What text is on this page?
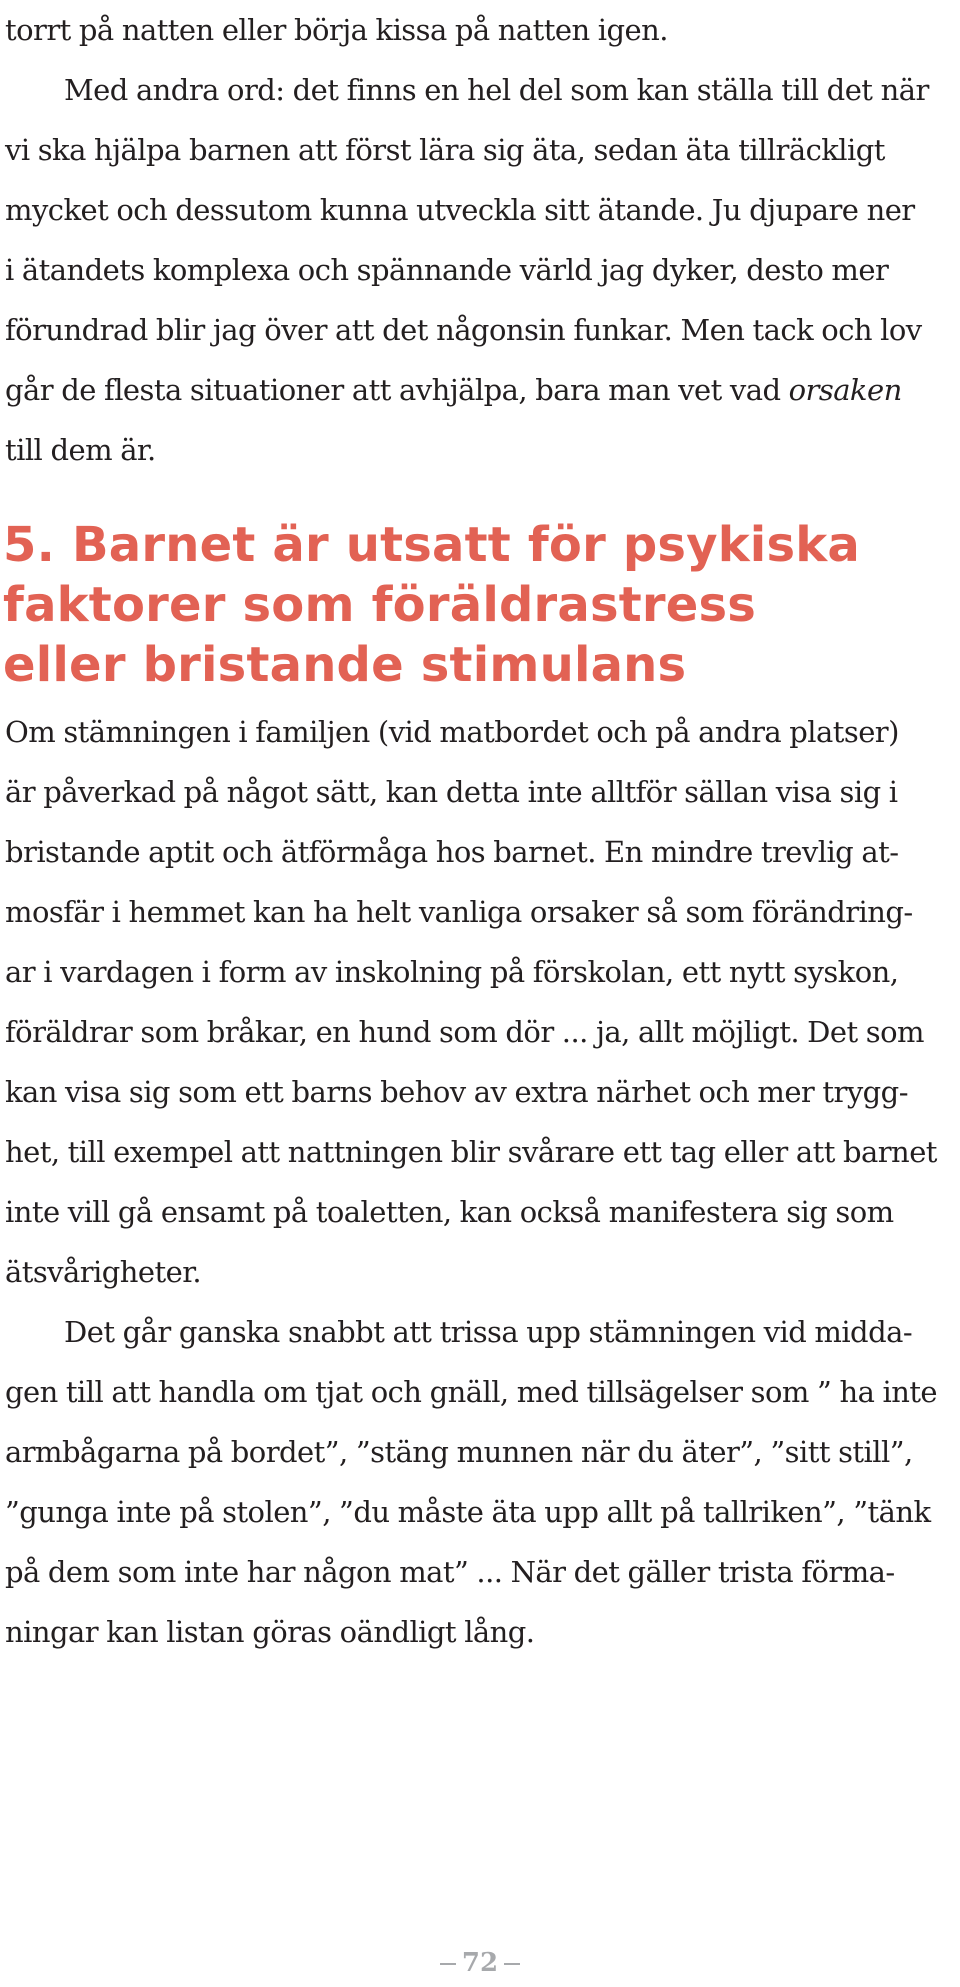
torrt på natten eller börja kissa på natten igen.
Med andra ord: det finns en hel del som kan ställa till det när
vi ska hjälpa barnen att först lära sig äta, sedan äta tillräckligt
mycket och dessutom kunna utveckla sitt ätande. Ju djupare ner
i ätandets komplexa och spännande värld jag dyker, desto mer
förundrad blir jag över att det någonsin funkar. Men tack och lov
går de flesta situationer att avhjälpa, bara man vet vad orsaken
till dem är.
5. Barnet är utsatt för psykiska
faktorer som föräldrastress
eller bristande stimulans
Om stämningen i familjen (vid matbordet och på andra platser)
är påverkad på något sätt, kan detta inte alltför sällan visa sig i
bristande aptit och ätförmåga hos barnet. En mindre trevlig at-
mosfär i hemmet kan ha helt vanliga orsaker så som förändring-
ar i vardagen i form av inskolning på förskolan, ett nytt syskon,
föräldrar som bråkar, en hund som dör ... ja, allt möjligt. Det som
kan visa sig som ett barns behov av extra närhet och mer trygg-
het, till exempel att nattningen blir svårare ett tag eller att barnet
inte vill gå ensamt på toaletten, kan också manifestera sig som
ätsvårigheter.
Det går ganska snabbt att trissa upp stämningen vid midda-
gen till att handla om tjat och gnäll, med tillsägelser som ” ha inte
armbågarna på bordet”, ”stäng munnen när du äter”, ”sitt still”,
”gunga inte på stolen”, ”du måste äta upp allt på tallriken”, ”tänk
på dem som inte har någon mat” ... När det gäller trista förma-
ningar kan listan göras oändligt lång.
72
